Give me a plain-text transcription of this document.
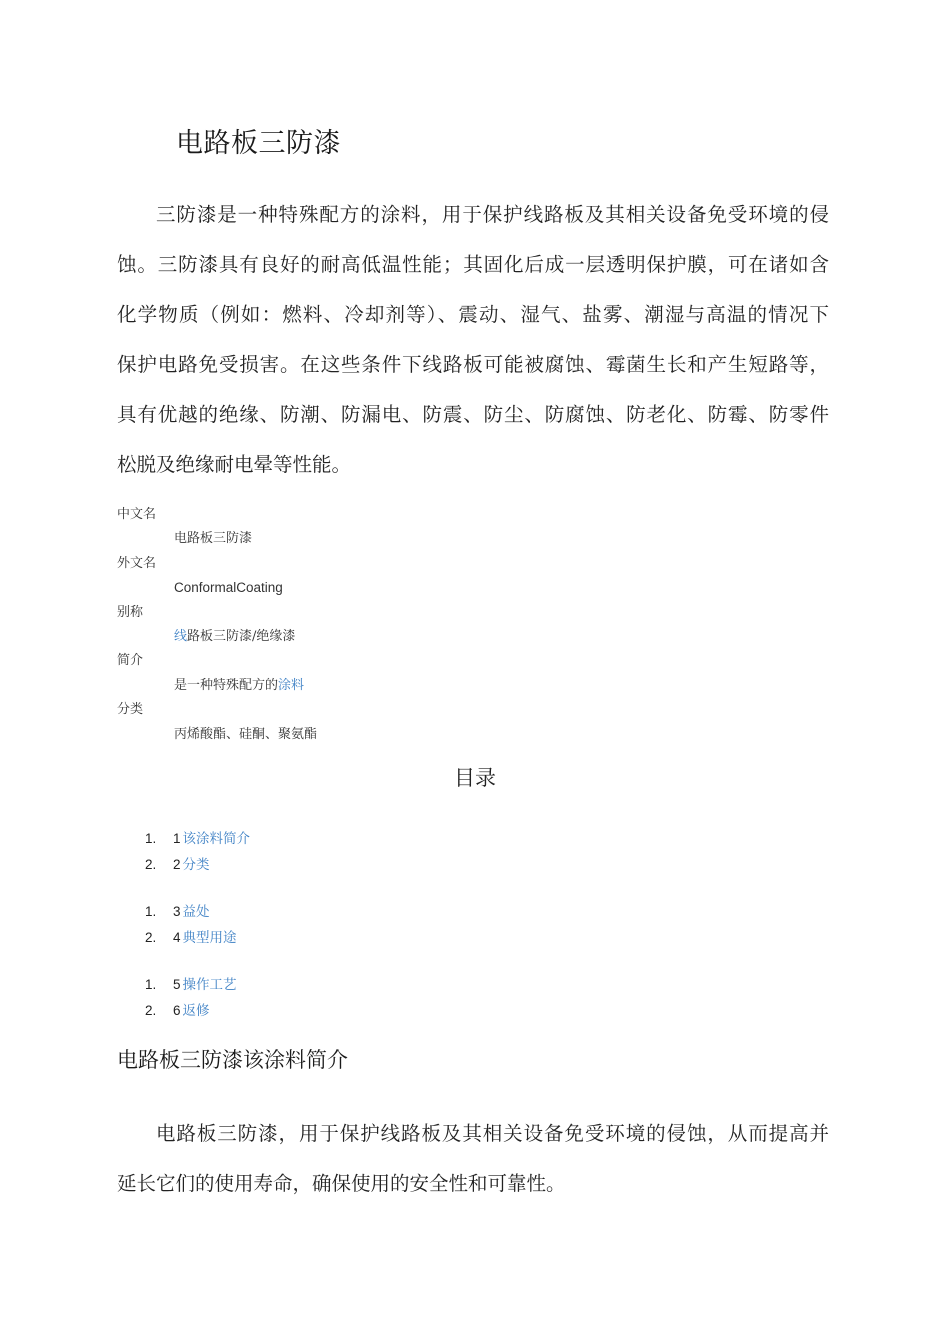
电路板三防漆
三防漆是一种特殊配方的涂料，用于保护线路板及其相关设备免受环境的侵
蚀。三防漆具有良好的耐高低温性能；其固化后成一层透明保护膜，可在诸如含
化学物质（例如：燃料、冷却剂等）、震动、湿气、盐雾、潮湿与高温的情况下
保护电路免受损害。在这些条件下线路板可能被腐蚀、霉菌生长和产生短路等，
具有优越的绝缘、防潮、防漏电、防震、防尘、防腐蚀、防老化、防霉、防零件
松脱及绝缘耐电晕等性能。
中文名
电路板三防漆
外文名
ConformalCoating
别称
线路板三防漆/绝缘漆
简介
是一种特殊配方的涂料
分类
丙烯酸酯、硅酮、聚氨酯
目录
1. 1 该涂料简介
2. 2 分类
1. 3 益处
2. 4 典型用途
1. 5 操作工艺
2. 6 返修
电路板三防漆该涂料简介
电路板三防漆，用于保护线路板及其相关设备免受环境的侵蚀，从而提高并
延长它们的使用寿命，确保使用的安全性和可靠性。
